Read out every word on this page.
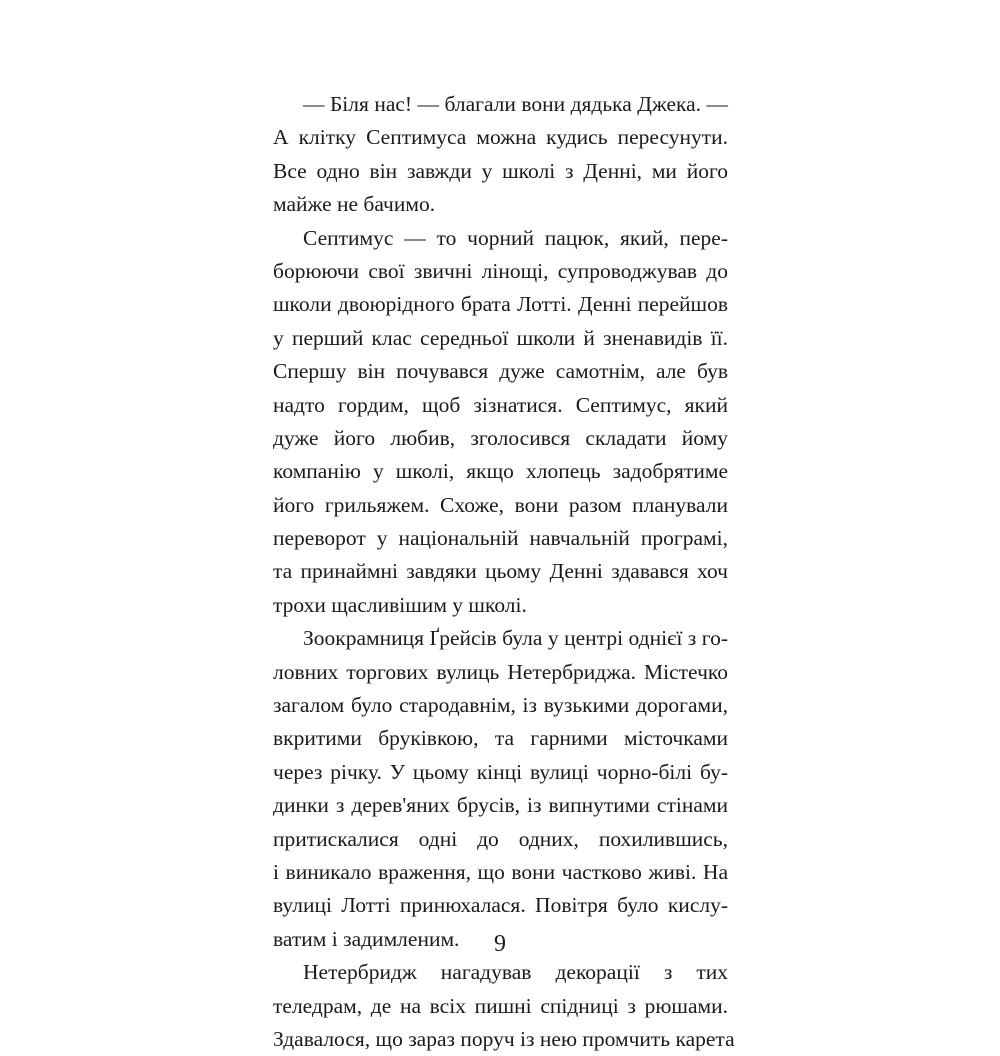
— Біля нас! — благали вони дядька Джека. —
А клітку Септимуса можна кудись пересунути.
Все одно він завжди у школі з Денні, ми його
майже не бачимо.

Септимус — то чорний пацюк, який, пере-
борюючи свої звичні лінощі, супроводжував до
школи двоюрідного брата Лотті. Денні перейшов
у перший клас середньої школи й зненавидів її.
Спершу він почувався дуже самотнім, але був
надто гордим, щоб зізнатися. Септимус, який
дуже його любив, зголосився складати йому
компанію у школі, якщо хлопець задобрятиме
його грильяжем. Схоже, вони разом планували
переворот у національній навчальній програмі,
та принаймні завдяки цьому Денні здавався хоч
трохи щасливішим у школі.

Зоокрамниця Ґрейсів була у центрі однієї з го-
ловних торгових вулиць Нетербриджа. Містечко
загалом було стародавнім, із вузькими дорогами,
вкритими бруківкою, та гарними місточками
через річку. У цьому кінці вулиці чорно-білі бу-
динки з дерев'яних брусів, із випнутими стінами
притискалися одні до одних, похилившись,
і виникало враження, що вони частково живі. На
вулиці Лотті принюхалася. Повітря було кислу-
ватим і задимленим.

Нетербридж нагадував декорації з тих
теледрам, де на всіх пишні спідниці з рюшами.
Здавалося, що зараз поруч із нею промчить карета

9
